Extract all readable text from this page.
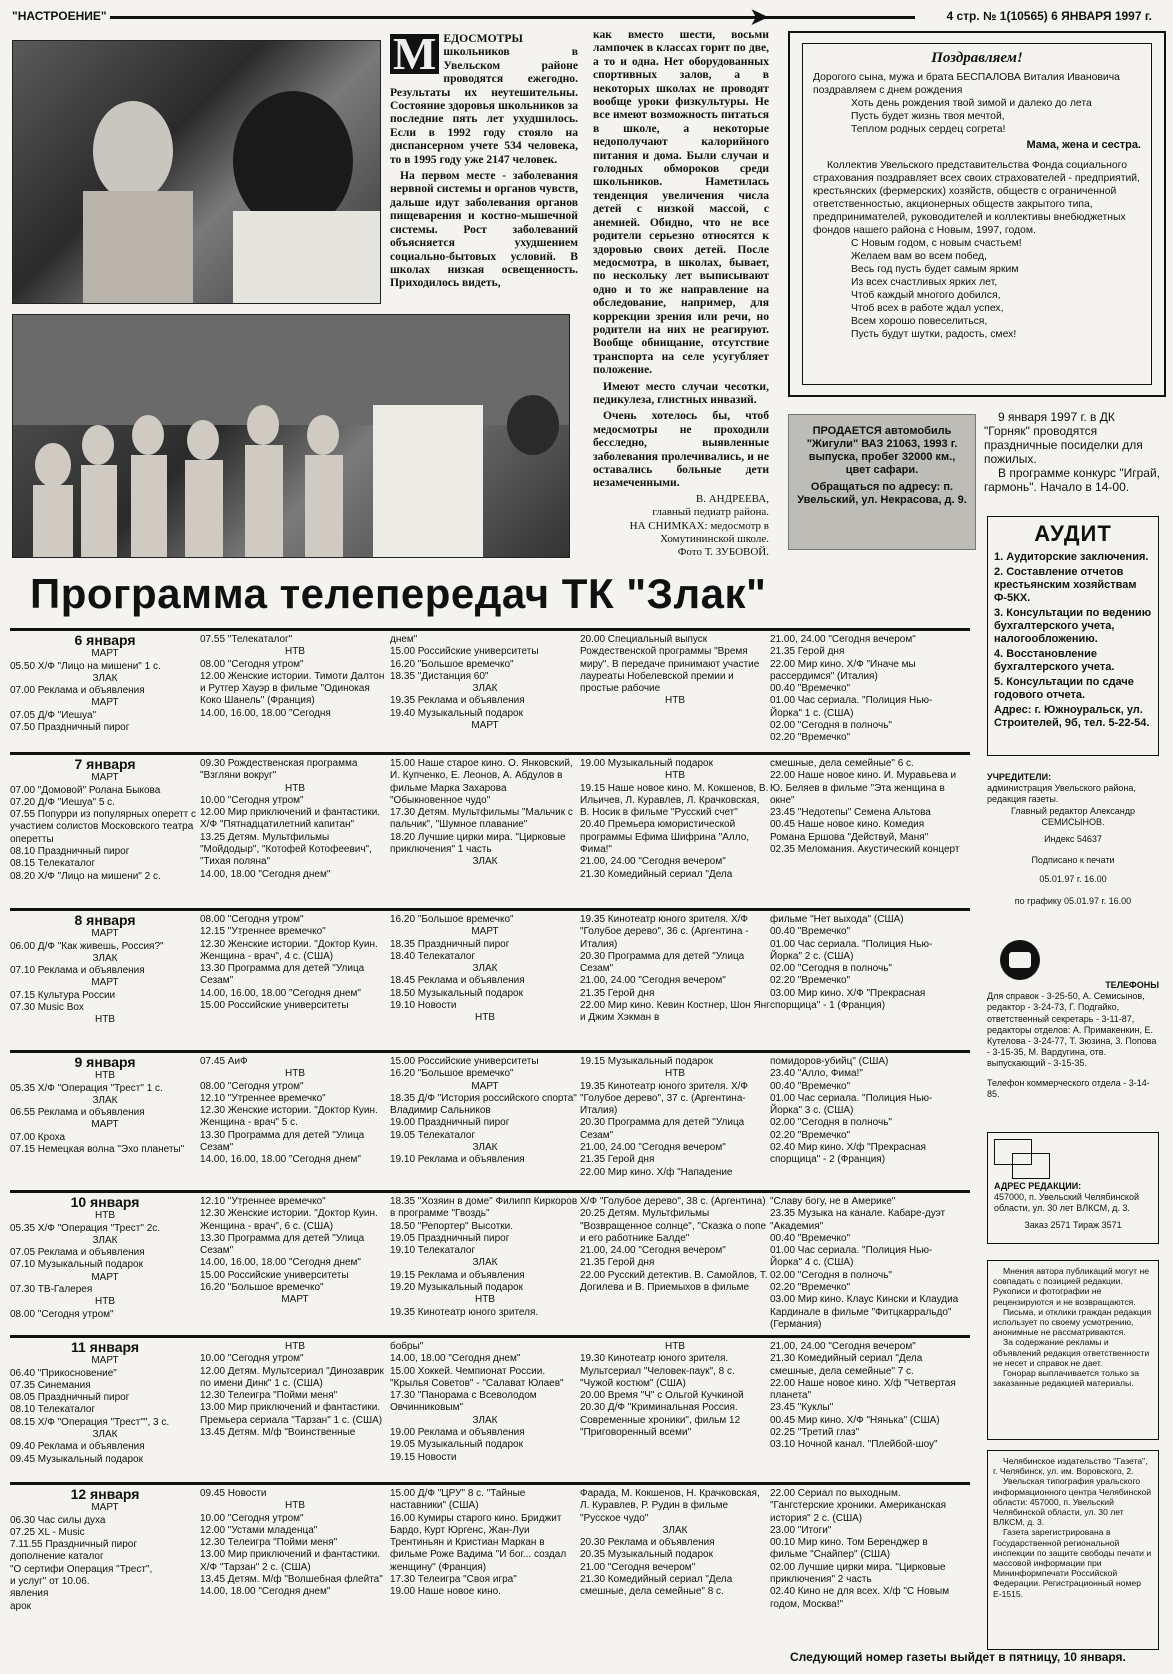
"НАСТРОЕНИЕ"	➤	4 стр. № 1(10565) 6 ЯНВАРЯ 1997 г.
М ЕДОСМОТРЫ школьников в Увельском районе проводятся ежегодно. Результаты их неутешительны. Состояние здоровья школьников за последние пять лет ухудшилось. Если в 1992 году стояло на диспансерном учете 534 человека, то в 1995 году уже 2147 человек.

На первом месте - заболевания нервной системы и органов чувств, дальше идут заболевания органов пищеварения и костно-мышечной системы. Рост заболеваний объясняется ухудшением социально-бытовых условий. В школах низкая освещенность. Приходилось видеть,

как вместо шести, восьми лампочек в классах горит по две, а то и одна. Нет оборудованных спортивных залов, а в некоторых школах не проводят вообще уроки физкультуры. Не все имеют возможность питаться в школе, а некоторые недополучают калорийного питания и дома. Были случаи и голодных обмороков среди школьников. Наметилась тенденция увеличения числа детей с низкой массой, с анемией. Обидно, что не все родители серьезно относятся к здоровью своих детей. После медосмотра, в школах, бывает, по нескольку лет выписывают одно и то же направление на обследование, например, для коррекции зрения или речи, но родители на них не реагируют. Вообще обнищание, отсутствие транспорта на селе усугубляет положение.

Имеют место случаи чесотки, педикулеза, глистных инвазий.

Очень хотелось бы, чтоб медосмотры не проходили бесследно, выявленные заболевания пролечивались, и не оставались больные дети незамеченными.

В. АНДРЕЕВА,
главный педиатр района.
НА СНИМКАХ: медосмотр в Хомутининской школе.
Фото Т. ЗУБОВОЙ.
Поздравляем!
Дорогого сына, мужа и брата БЕСПАЛОВА Виталия Ивановича поздравляем с днем рождения
Хоть день рождения твой зимой и далеко до лета
Пусть будет жизнь твоя мечтой,
Теплом родных сердец согрета!
Мама, жена и сестра.
Коллектив Увельского представительства Фонда социального страхования поздравляет всех своих страхователей - предприятий, крестьянских (фермерских) хозяйств, обществ с ограниченной ответственностью, акционерных обществ закрытого типа, предпринимателей, руководителей и коллективы внебюджетных фондов нашего района с Новым, 1997, годом.
С Новым годом, с новым счастьем!
Желаем вам во всем побед,
Весь год пусть будет самым ярким
Из всех счастливых ярких лет,
Чтоб каждый многого добился,
Чтоб всех в работе ждал успех,
Всем хорошо повеселиться,
Пусть будут шутки, радость, смех!
ПРОДАЕТСЯ автомобиль "Жигули" ВАЗ 21063, 1993 г. выпуска, пробег 32000 км., цвет сафари.
Обращаться по адресу: п. Увельский, ул. Некрасова, д. 9.
9 января 1997 г. в ДК "Горняк" проводятся праздничные посиделки для пожилых.
В программе конкурс "Играй, гармонь". Начало в 14-00.
АУДИТ
1. Аудиторские заключения.
2. Составление отчетов крестьянским хозяйствам Ф-5КХ.
3. Консультации по ведению бухгалтерского учета, налогообложению.
4. Восстановление бухгалтерского учета.
5. Консультации по сдаче годового отчета.
Адрес: г. Южноуральск, ул. Строителей, 9б, тел. 5-22-54.
Программа телепередач ТК "Злак"
6 января
МАРТ
05.50 Х/Ф "Лицо на мишени" 1 с.
ЗЛАК
07.00 Реклама и объявления
МАРТ
07.05 Д/Ф "Иешуа"
07.50 Праздничный пирог
07.55 "Телекаталог"
НТВ
08.00 "Сегодня утром"
12.00 Женские истории. Тимоти Далтон и Рутгер Хауэр в фильме "Одинокая Коко Шанель" (Франция)
14.00, 16.00, 18.00 "Сегодня
днем"
15.00 Российские университеты
16.20 "Большое времечко"
18.35 "Дистанция 60"
ЗЛАК
19.35 Реклама и объявления
19.40 Музыкальный подарок
МАРТ
20.00 Специальный выпуск Рождественской программы "Время миру". В передаче принимают участие лауреаты Нобелевской премии и простые рабочие
НТВ
21.00, 24.00 "Сегодня вечером"
21.35 Герой дня
22.00 Мир кино. Х/Ф "Иначе мы рассердимся" (Италия)
00.40 "Времечко"
01.00 Час сериала. "Полиция Нью-Йорка" 1 с. (США)
02.00 "Сегодня в полночь"
02.20 "Времечко"
7 января
МАРТ
07.00 "Домовой" Ролана Быкова
07.20 Д/Ф "Иешуа" 5 с.
07.55 Попурри из популярных оперетт с участием солистов Московского театра оперетты
08.10 Праздничный пирог
08.15 Телекаталог
08.20 Х/Ф "Лицо на мишени" 2 с.
09.30 Рождественская программа "Взгляни вокруг"
НТВ
10.00 "Сегодня утром"
12.00 Мир приключений и фантастики. Х/Ф "Пятнадцатилетний капитан"
13.25 Детям. Мультфильмы "Мойдодыр", "Котофей Котофеевич", "Тихая поляна"
14.00, 18.00 "Сегодня днем"
15.00 Наше старое кино. О. Янковский, И. Купченко, Е. Леонов, А. Абдулов в фильме Марка Захарова "Обыкновенное чудо"
17.30 Детям. Мультфильмы "Мальчик с пальчик", "Шумное плавание"
18.20 Лучшие цирки мира. "Цирковые приключения" 1 часть
ЗЛАК
19.00 Музыкальный подарок
НТВ
19.15 Наше новое кино. М. Кокшенов, В. Ильичев, Л. Куравлев, Л. Крачковская, В. Носик в фильме "Русский счет"
20.40 Премьера юмористической программы Ефима Шифрина "Алло, Фима!"
21.00, 24.00 "Сегодня вечером"
21.30 Комедийный сериал "Дела
смешные, дела семейные" 6 с.
22.00 Наше новое кино. И. Муравьева и Ю. Беляев в фильме "Эта женщина в окне"
23.45 "Недотепы" Семена Альтова
00.45 Наше новое кино. Комедия Романа Ершова "Действуй, Маня"
02.35 Меломания. Акустический концерт
8 января
МАРТ
06.00 Д/Ф "Как живешь, Россия?"
ЗЛАК
07.10 Реклама и объявления
МАРТ
07.15 Культура России
07.30 Music Box
НТВ
08.00 "Сегодня утром"
12.15 "Утреннее времечко"
12.30 Женские истории. "Доктор Куин. Женщина - врач", 4 с. (США)
13.30 Программа для детей "Улица Сезам"
14.00, 16.00, 18.00 "Сегодня днем"
15.00 Российские университеты
16.20 "Большое времечко"
МАРТ
18.35 Праздничный пирог
18.40 Телекаталог
ЗЛАК
18.45 Реклама и объявления
18.50 Музыкальный подарок
19.10 Новости
НТВ
19.35 Кинотеатр юного зрителя. Х/Ф "Голубое дерево", 36 с. (Аргентина - Италия)
20.30 Программа для детей "Улица Сезам"
21.00, 24.00 "Сегодня вечером"
21.35 Герой дня
22.00 Мир кино. Кевин Костнер, Шон Янг и Джим Хэкман в
фильме "Нет выхода" (США)
00.40 "Времечко"
01.00 Час сериала. "Полиция Нью-Йорка" 2 с. (США)
02.00 "Сегодня в полночь"
02.20 "Времечко"
03.00 Мир кино. Х/Ф "Прекрасная спорщица" - 1 (Франция)
9 января
НТВ
05.35 Х/Ф "Операция "Трест" 1 с.
ЗЛАК
06.55 Реклама и объявления
МАРТ
07.00 Кроха
07.15 Немецкая волна "Эхо планеты"
07.45 АиФ
НТВ
08.00 "Сегодня утром"
12.10 "Утреннее времечко"
12.30 Женские истории. "Доктор Куин. Женщина - врач" 5 с.
13.30 Программа для детей "Улица Сезам"
14.00, 16.00, 18.00 "Сегодня днем"
15.00 Российские университеты
16.20 "Большое времечко"
МАРТ
18.35 Д/Ф "История российского спорта" Владимир Сальников
19.00 Праздничный пирог
19.05 Телекаталог
ЗЛАК
19.10 Реклама и объявления
19.15 Музыкальный подарок
НТВ
19.35 Кинотеатр юного зрителя. Х/Ф "Голубое дерево", 37 с. (Аргентина-Италия)
20.30 Программа для детей "Улица Сезам"
21.00, 24.00 "Сегодня вечером"
21.35 Герой дня
22.00 Мир кино. Х/ф "Нападение
помидоров-убийц" (США)
23.40 "Алло, Фима!"
00.40 "Времечко"
01.00 Час сериала. "Полиция Нью-Йорка" 3 с. (США)
02.00 "Сегодня в полночь"
02.20 "Времечко"
02.40 Мир кино. Х/ф "Прекрасная спорщица" - 2 (Франция)
10 января
НТВ
05.35 Х/Ф "Операция "Трест" 2с.
ЗЛАК
07.05 Реклама и объявления
07.10 Музыкальный подарок
МАРТ
07.30 ТВ-Галерея
НТВ
08.00 "Сегодня утром"
12.10 "Утреннее времечко"
12.30 Женские истории. "Доктор Куин. Женщина - врач", 6 с. (США)
13.30 Программа для детей "Улица Сезам"
14.00, 16.00, 18.00 "Сегодня днем"
15.00 Российские университеты
16.20 "Большое времечко"
МАРТ
18.35 "Хозяин в доме" Филипп Киркоров в программе "Гвоздь"
18.50 "Репортер" Высотки.
19.05 Праздничный пирог
19.10 Телекаталог
ЗЛАК
19.15 Реклама и объявления
19.20 Музыкальный подарок
НТВ
19.35 Кинотеатр юного зрителя.
Х/Ф "Голубое дерево", 38 с. (Аргентина)
20.25 Детям. Мультфильмы "Возвращенное солнце", "Сказка о попе и его работнике Балде"
21.00, 24.00 "Сегодня вечером"
21.35 Герой дня
22.00 Русский детектив. В. Самойлов, Т. Догилева и В. Приемыхов в фильме
"Славу богу, не в Америке"
23.35 Музыка на канале. Кабаре-дуэт "Академия"
00.40 "Времечко"
01.00 Час сериала. "Полиция Нью-Йорка" 4 с. (США)
02.00 "Сегодня в полночь"
02.20 "Времечко"
03.00 Мир кино. Клаус Кински и Клаудиа Кардинале в фильме "Фитцкарральдо" (Германия)
11 января
МАРТ
06.40 "Прикосновение"
07.35 Синемания
08.05 Праздничный пирог
08.10 Телекаталог
08.15 Х/Ф "Операция "Трест"", 3 с.
ЗЛАК
09.40 Реклама и объявления
09.45 Музыкальный подарок
НТВ
10.00 "Сегодня утром"
12.00 Детям. Мультсериал "Динозаврик по имени Динк" 1 с. (США)
12.30 Телеигра "Пойми меня"
13.00 Мир приключений и фантастики. Премьера сериала "Тарзан" 1 с. (США)
13.45 Детям. М/ф "Воинственные
бобры"
14.00, 18.00 "Сегодня днем"
15.00 Хоккей. Чемпионат России. "Крылья Советов" - "Салават Юлаев"
17.30 "Панорама с Всеволодом Овчинниковым"
ЗЛАК
19.00 Реклама и объявления
19.05 Музыкальный подарок
19.15 Новости
НТВ
19.30 Кинотеатр юного зрителя. Мультсериал "Человек-паук", 8 с. "Чужой костюм" (США)
20.00 Время "Ч" с Ольгой Кучкиной
20.30 Д/Ф "Криминальная Россия. Современные хроники", фильм 12 "Приговоренный всеми"
21.00, 24.00 "Сегодня вечером"
21.30 Комедийный сериал "Дела смешные, дела семейные" 7 с.
22.00 Наше новое кино. Х/ф "Четвертая планета"
23.45 "Куклы"
00.45 Мир кино. Х/Ф "Нянька" (США)
02.25 "Третий глаз"
03.10 Ночной канал. "Плейбой-шоу"
12 января
МАРТ
06.30 Час силы духа
07.25 XL - Music
7.11.55 Праздничный пирог
дополнение каталог
"О сертифи Операция "Трест",
и услуг" от 10.06.
явления
арок
09.45 Новости
НТВ
10.00 "Сегодня утром"
12.00 "Устами младенца"
12.30 Телеигра "Пойми меня"
13.00 Мир приключений и фантастики. Х/Ф "Тарзан" 2 с. (США)
13.45 Детям. М/ф "Волшебная флейта"
14.00, 18.00 "Сегодня днем"
15.00 Д/Ф "ЦРУ" 8 с. "Тайные наставники" (США)
16.00 Кумиры старого кино. Бриджит Бардо, Курт Юргенс, Жан-Луи Трентиньян и Кристиан Маркан в фильме Роже Вадима "И бог... создал женщину" (Франция)
17.30 Телеигра "Своя игра"
19.00 Наше новое кино.
Фарада, М. Кокшенов, Н. Крачковская, Л. Куравлев, Р. Рудин в фильме "Русское чудо"
ЗЛАК
20.30 Реклама и объявления
20.35 Музыкальный подарок
21.00 "Сегодня вечером"
21.30 Комедийный сериал "Дела смешные, дела семейные" 8 с.
22.00 Сериал по выходным. "Гангстерские хроники. Американская история" 2 с. (США)
23.00 "Итоги"
00.10 Мир кино. Том Беренджер в фильме "Снайпер" (США)
02.00 Лучшие цирки мира. "Цирковые приключения" 2 часть
02.40 Кино не для всех. Х/ф "С Новым годом, Москва!"
УЧРЕДИТЕЛИ:
администрация Увельского района, редакция газеты.
Главный редактор Александр СЕМИСЫНОВ.
Индекс 54637
Подписано к печати
05.01.97 г. 16.00
по графику 05.01.97 г. 16.00
ТЕЛЕФОНЫ
Для справок - 3-25-50, А. Семисынов, редактор - 3-24-73, Г. Подгайко, ответственный секретарь - 3-11-87, редакторы отделов: А. Примакенкин, Е. Кутелова - 3-24-77, Т. Зюзина, 3. Попова - 3-15-35, М. Вардугина, отв. выпускающий - 3-15-35.
Телефон коммерческого отдела - 3-14-85.
АДРЕС РЕДАКЦИИ:
457000, п. Увельский Челябинской области, ул. 30 лет ВЛКСМ, д. 3.
Заказ 2571 Тираж 3571
Мнения автора публикаций могут не совпадать с позицией редакции. Рукописи и фотографии не рецензируются и не возвращаются.
Письма, и отклики граждан редакция использует по своему усмотрению, анонимные не рассматриваются.
За содержание рекламы и объявлений редакция ответственности не несет и справок не дает.
Гонорар выплачивается только за заказанные редакцией материалы.
Челябинское издательство "Газета", г. Челябинск, ул. им. Воровского, 2.
Увельская типография уральского информационного центра Челябинской области: 457000, п. Увельский Челябинской области, ул. 30 лет ВЛКСМ, д. 3.
Газета зарегистрирована в Государственной региональной инспекции по защите свободы печати и массовой информации при Мининформпечати Российской Федерации. Регистрационный номер Е-1515.
Следующий номер газеты выйдет в пятницу, 10 января.
